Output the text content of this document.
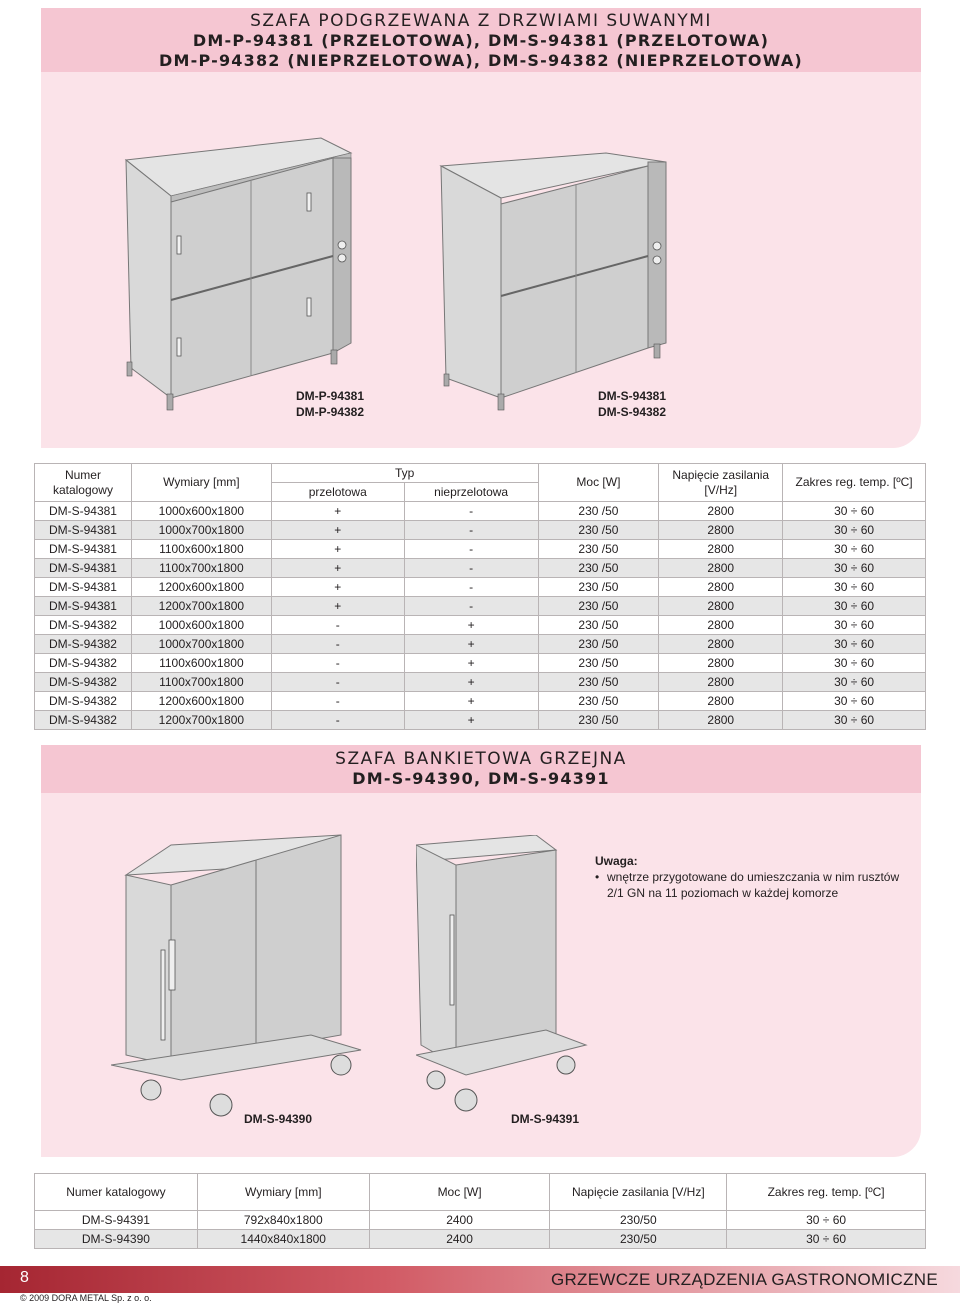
SZAFA PODGRZEWANA Z DRZWIAMI SUWANYMI
DM-P-94381 (PRZELOTOWA), DM-S-94381 (PRZELOTOWA)
DM-P-94382 (NIEPRZELOTOWA), DM-S-94382 (NIEPRZELOTOWA)
DM-P-94381
DM-P-94382
DM-S-94381
DM-S-94382
Numer katalogowy	Wymiary [mm]	Typ		Moc [W]	Napięcie zasilania [V/Hz]	Zakres reg. temp. [ºC]
		przelotowa	nieprzelotowa			
DM-S-94381	1000x600x1800	+	-	230 /50	2800	30 ÷ 60
DM-S-94381	1000x700x1800	+	-	230 /50	2800	30 ÷ 60
DM-S-94381	1100x600x1800	+	-	230 /50	2800	30 ÷ 60
DM-S-94381	1100x700x1800	+	-	230 /50	2800	30 ÷ 60
DM-S-94381	1200x600x1800	+	-	230 /50	2800	30 ÷ 60
DM-S-94381	1200x700x1800	+	-	230 /50	2800	30 ÷ 60
DM-S-94382	1000x600x1800	-	+	230 /50	2800	30 ÷ 60
DM-S-94382	1000x700x1800	-	+	230 /50	2800	30 ÷ 60
DM-S-94382	1100x600x1800	-	+	230 /50	2800	30 ÷ 60
DM-S-94382	1100x700x1800	-	+	230 /50	2800	30 ÷ 60
DM-S-94382	1200x600x1800	-	+	230 /50	2800	30 ÷ 60
DM-S-94382	1200x700x1800	-	+	230 /50	2800	30 ÷ 60
SZAFA BANKIETOWA GRZEJNA
DM-S-94390, DM-S-94391
DM-S-94390	DM-S-94391
Uwaga:
• wnętrze przygotowane do umieszczania w nim rusztów 2/1 GN na 11 poziomach w każdej komorze
Numer katalogowy	Wymiary [mm]	Moc [W]	Napięcie zasilania [V/Hz]	Zakres reg. temp. [ºC]
DM-S-94391	792x840x1800	2400	230/50	30 ÷ 60
DM-S-94390	1440x840x1800	2400	230/50	30 ÷ 60
8	GRZEWCZE URZĄDZENIA GASTRONOMICZNE
© 2009 DORA METAL Sp. z o. o.
